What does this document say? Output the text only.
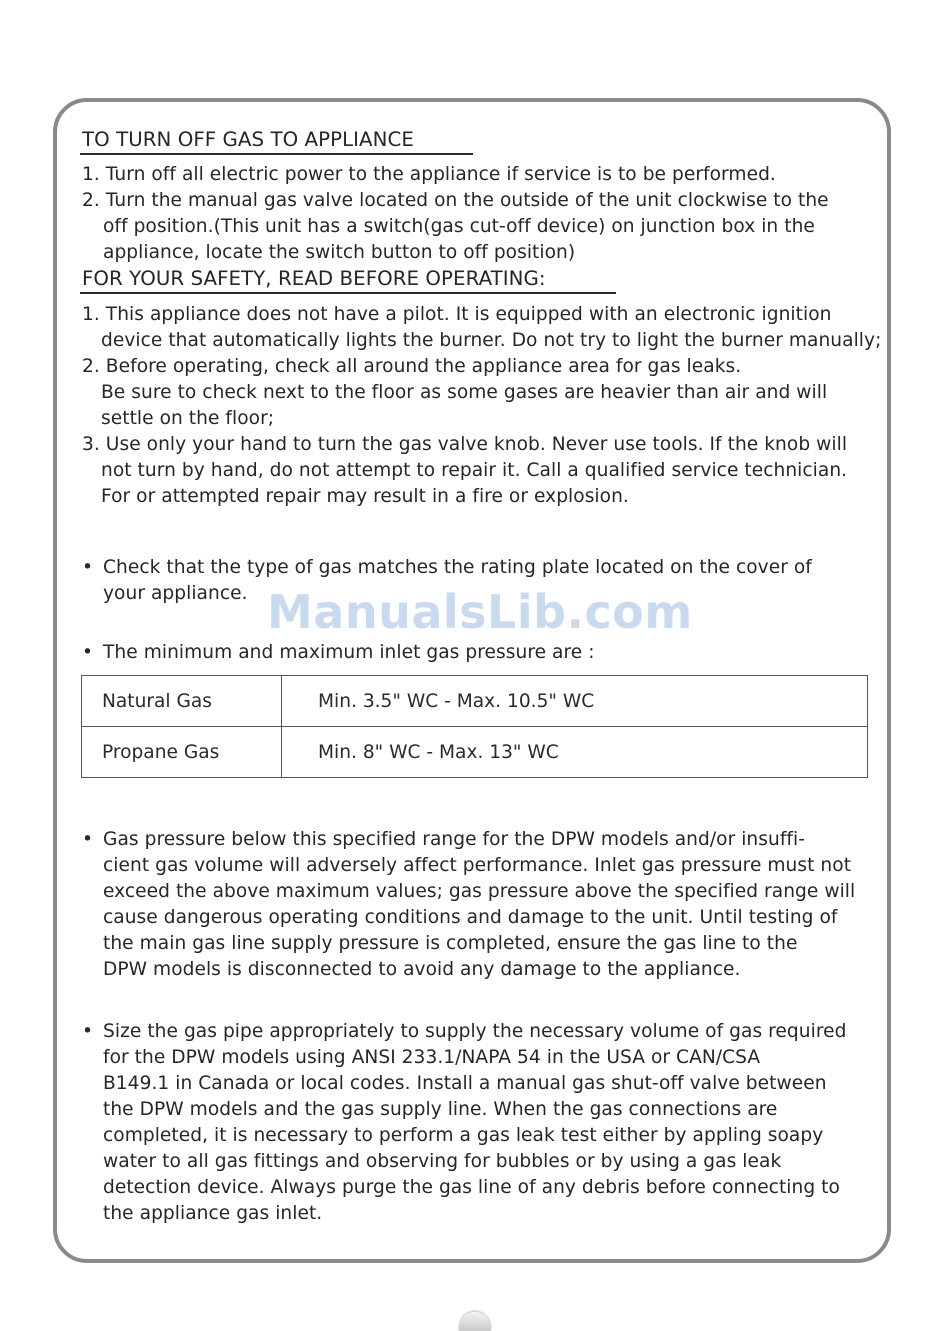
TO TURN OFF GAS TO APPLIANCE
1. Turn off all electric power to the appliance if service is to be performed.
2. Turn the manual gas valve located on the outside of the unit clockwise to the
off position.(This unit has a switch(gas cut-off device) on junction box in the
appliance, locate the switch button to off position)
FOR YOUR SAFETY, READ BEFORE OPERATING:
1. This appliance does not have a pilot. It is equipped with an electronic ignition
device that automatically lights the burner. Do not try to light the burner manually;
2. Before operating, check all around the appliance area for gas leaks.
Be sure to check next to the floor as some gases are heavier than air and will
settle on the floor;
3. Use only your hand to turn the gas valve knob. Never use tools. If the knob will
not turn by hand, do not attempt to repair it. Call a qualified service technician.
For or attempted repair may result in a fire or explosion.
• Check that the type of gas matches the rating plate located on the cover of
your appliance. ManualsLib.com
• The minimum and maximum inlet gas pressure are :
Natural Gas	Min. 3.5" WC - Max. 10.5" WC
Propane Gas	Min. 8" WC - Max. 13" WC
• Gas pressure below this specified range for the DPW models and/or insuffi-
cient gas volume will adversely affect performance. Inlet gas pressure must not
exceed the above maximum values; gas pressure above the specified range will
cause dangerous operating conditions and damage to the unit. Until testing of
the main gas line supply pressure is completed, ensure the gas line to the
DPW models is disconnected to avoid any damage to the appliance.
• Size the gas pipe appropriately to supply the necessary volume of gas required
for the DPW models using ANSI 233.1/NAPA 54 in the USA or CAN/CSA
B149.1 in Canada or local codes. Install a manual gas shut-off valve between
the DPW models and the gas supply line. When the gas connections are
completed, it is necessary to perform a gas leak test either by appling soapy
water to all gas fittings and observing for bubbles or by using a gas leak
detection device. Always purge the gas line of any debris before connecting to
the appliance gas inlet.
